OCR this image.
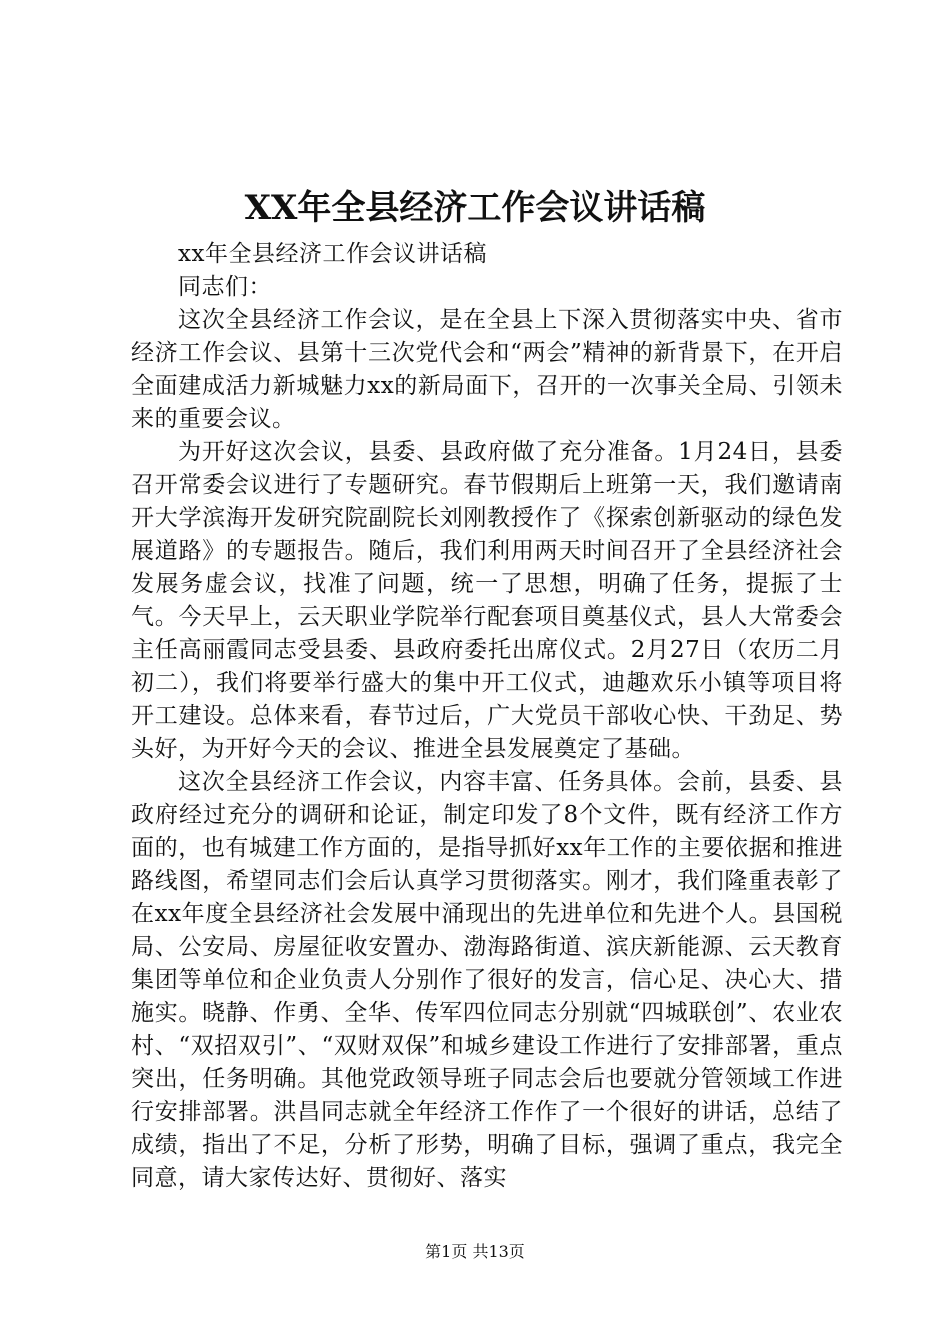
XX年全县经济工作会议讲话稿

xx年全县经济工作会议讲话稿

同志们：

这次全县经济工作会议，是在全县上下深入贯彻落实中央、省市经济工作会议、县第十三次党代会和“两会”精神的新背景下，在开启全面建成活力新城魅力xx的新局面下，召开的一次事关全局、引领未来的重要会议。

为开好这次会议，县委、县政府做了充分准备。1月24日，县委召开常委会议进行了专题研究。春节假期后上班第一天，我们邀请南开大学滨海开发研究院副院长刘刚教授作了《探索创新驱动的绿色发展道路》的专题报告。随后，我们利用两天时间召开了全县经济社会发展务虚会议，找准了问题，统一了思想，明确了任务，提振了士气。今天早上，云天职业学院举行配套项目奠基仪式，县人大常委会主任高丽霞同志受县委、县政府委托出席仪式。2月27日（农历二月初二），我们将要举行盛大的集中开工仪式，迪趣欢乐小镇等项目将开工建设。总体来看，春节过后，广大党员干部收心快、干劲足、势头好，为开好今天的会议、推进全县发展奠定了基础。

这次全县经济工作会议，内容丰富、任务具体。会前，县委、县政府经过充分的调研和论证，制定印发了8个文件，既有经济工作方面的，也有城建工作方面的，是指导抓好xx年工作的主要依据和推进路线图，希望同志们会后认真学习贯彻落实。刚才，我们隆重表彰了在xx年度全县经济社会发展中涌现出的先进单位和先进个人。县国税局、公安局、房屋征收安置办、渤海路街道、滨庆新能源、云天教育集团等单位和企业负责人分别作了很好的发言，信心足、决心大、措施实。晓静、作勇、全华、传军四位同志分别就“四城联创”、农业农村、“双招双引”、“双财双保”和城乡建设工作进行了安排部署，重点突出，任务明确。其他党政领导班子同志会后也要就分管领域工作进行安排部署。洪昌同志就全年经济工作作了一个很好的讲话，总结了成绩，指出了不足，分析了形势，明确了目标，强调了重点，我完全同意，请大家传达好、贯彻好、落实

第1页 共13页
